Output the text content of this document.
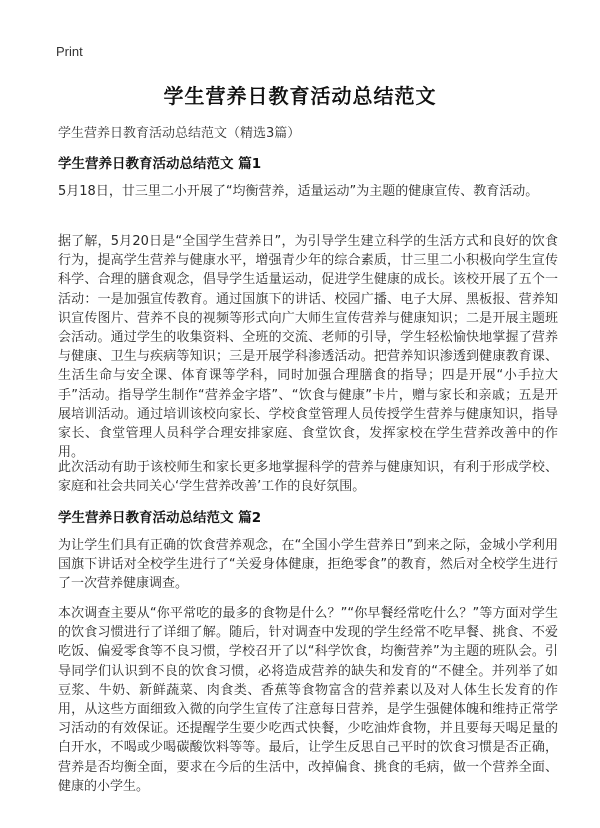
Print
学生营养日教育活动总结范文
学生营养日教育活动总结范文（精选3篇）
学生营养日教育活动总结范文 篇1
5月18日，廿三里二小开展了“均衡营养，适量运动”为主题的健康宣传、教育活动。
据了解，5月20日是“全国学生营养日”，为引导学生建立科学的生活方式和良好的饮食行为，提高学生营养与健康水平，增强青少年的综合素质，廿三里二小积极向学生宣传科学、合理的膳食观念，倡导学生适量运动，促进学生健康的成长。该校开展了五个一活动：一是加强宣传教育。通过国旗下的讲话、校园广播、电子大屏、黑板报、营养知识宣传图片、营养不良的视频等形式向广大师生宣传营养与健康知识；二是开展主题班会活动。通过学生的收集资料、全班的交流、老师的引导，学生轻松愉快地掌握了营养与健康、卫生与疾病等知识；三是开展学科渗透活动。把营养知识渗透到健康教育课、生活生命与安全课、体育课等学科，同时加强合理膳食的指导；四是开展“小手拉大手”活动。指导学生制作“营养金字塔”、“饮食与健康”卡片，赠与家长和亲戚；五是开展培训活动。通过培训该校向家长、学校食堂管理人员传授学生营养与健康知识，指导家长、食堂管理人员科学合理安排家庭、食堂饮食，发挥家校在学生营养改善中的作用。
此次活动有助于该校师生和家长更多地掌握科学的营养与健康知识，有利于形成学校、家庭和社会共同关心‘学生营养改善’工作的良好氛围。
学生营养日教育活动总结范文 篇2
为让学生们具有正确的饮食营养观念，在“全国小学生营养日”到来之际，金城小学利用国旗下讲话对全校学生进行了“关爱身体健康，拒绝零食”的教育，然后对全校学生进行了一次营养健康调查。
本次调查主要从“你平常吃的最多的食物是什么？”“你早餐经常吃什么？”等方面对学生的饮食习惯进行了详细了解。随后，针对调查中发现的学生经常不吃早餐、挑食、不爱吃饭、偏爱零食等不良习惯，学校召开了以“科学饮食，均衡营养”为主题的班队会。引导同学们认识到不良的饮食习惯，必将造成营养的缺失和发育的“不健全。并列举了如豆浆、牛奶、新鲜蔬菜、肉食类、香蕉等食物富含的营养素以及对人体生长发育的作用，从这些方面细致入微的向学生宣传了注意每日营养，是学生强健体魄和维持正常学习活动的有效保证。还提醒学生要少吃西式快餐，少吃油炸食物，并且要每天喝足量的白开水，不喝或少喝碳酸饮料等等。最后，让学生反思自己平时的饮食习惯是否正确，营养是否均衡全面，要求在今后的生活中，改掉偏食、挑食的毛病，做一个营养全面、健康的小学生。
